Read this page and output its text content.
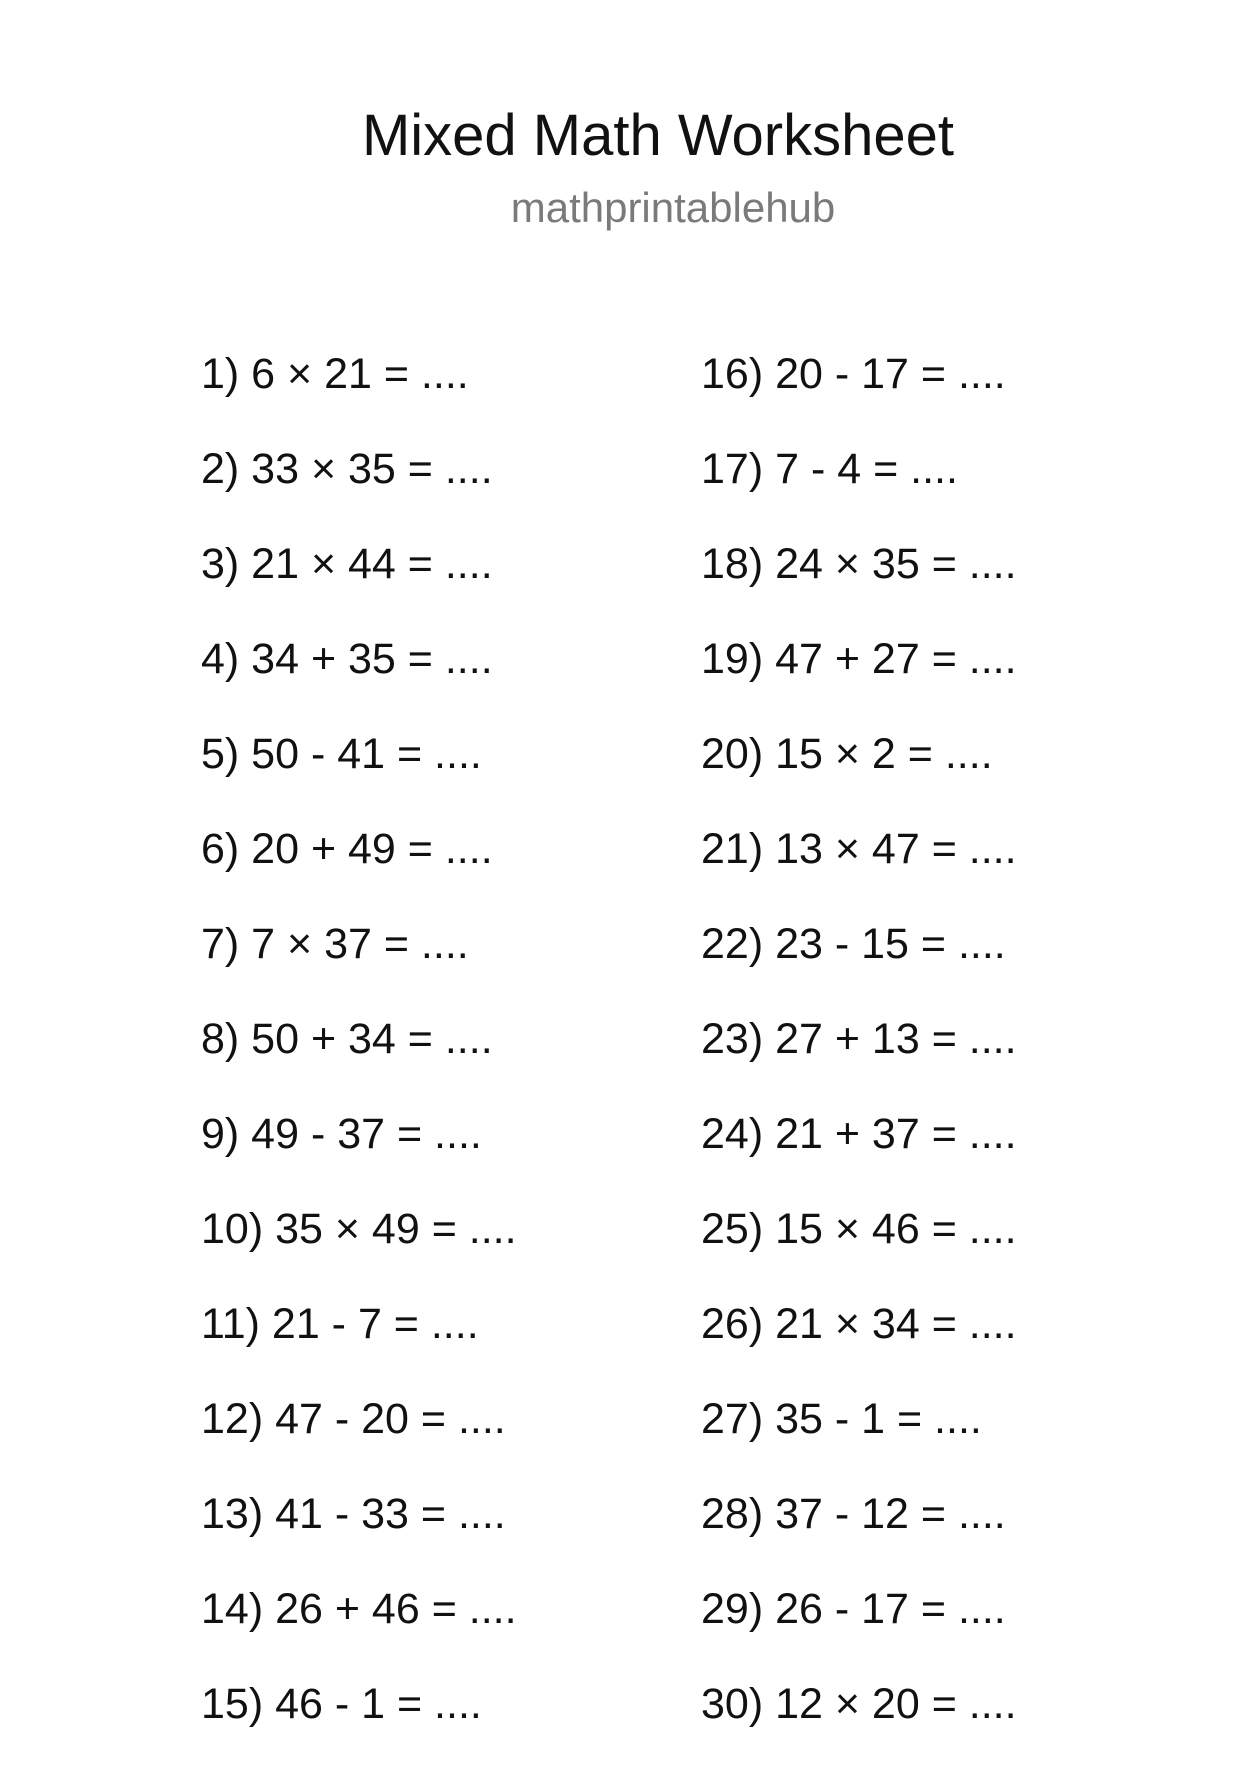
Mixed Math Worksheet
mathprintablehub
1) 6 × 21 = ....
2) 33 × 35 = ....
3) 21 × 44 = ....
4) 34 + 35 = ....
5) 50 - 41 = ....
6) 20 + 49 = ....
7) 7 × 37 = ....
8) 50 + 34 = ....
9) 49 - 37 = ....
10) 35 × 49 = ....
11) 21 - 7 = ....
12) 47 - 20 = ....
13) 41 - 33 = ....
14) 26 + 46 = ....
15) 46 - 1 = ....
16) 20 - 17 = ....
17) 7 - 4 = ....
18) 24 × 35 = ....
19) 47 + 27 = ....
20) 15 × 2 = ....
21) 13 × 47 = ....
22) 23 - 15 = ....
23) 27 + 13 = ....
24) 21 + 37 = ....
25) 15 × 46 = ....
26) 21 × 34 = ....
27) 35 - 1 = ....
28) 37 - 12 = ....
29) 26 - 17 = ....
30) 12 × 20 = ....
